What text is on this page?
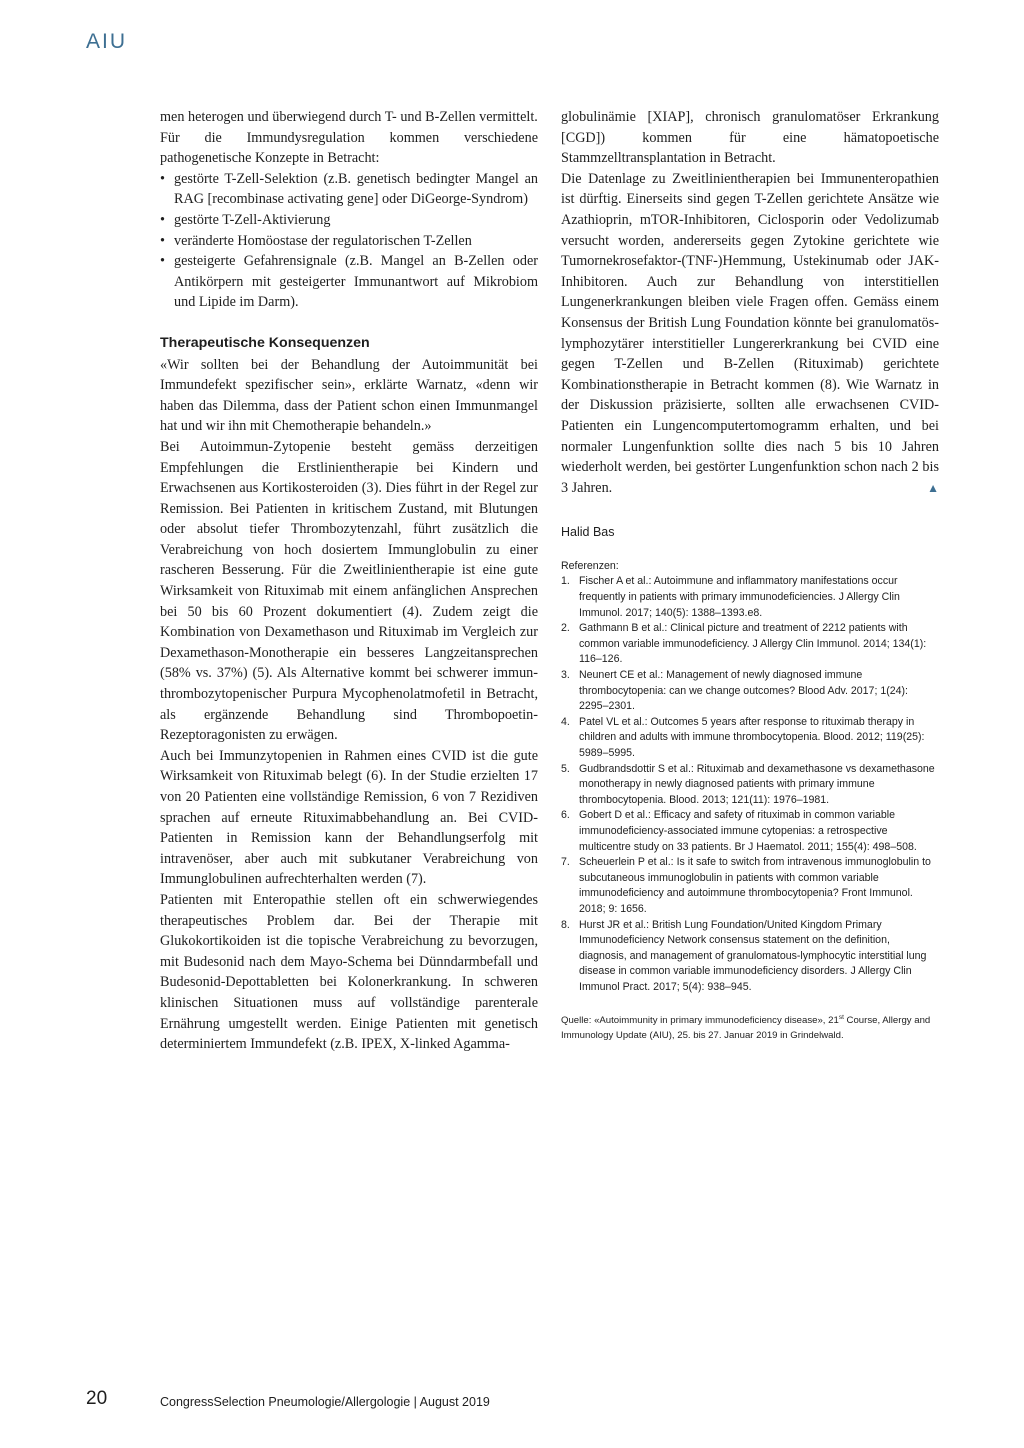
AIU

men heterogen und überwiegend durch T- und B-Zellen vermittelt.

Für die Immundysregulation kommen verschiedene pathogenetische Konzepte in Betracht:

• gestörte T-Zell-Selektion (z.B. genetisch bedingter Mangel an RAG [recombinase activating gene] oder DiGeorge-Syndrom)
• gestörte T-Zell-Aktivierung
• veränderte Homöostase der regulatorischen T-Zellen
• gesteigerte Gefahrensignale (z.B. Mangel an B-Zellen oder Antikörpern mit gesteigerter Immunantwort auf Mikrobiom und Lipide im Darm).
Therapeutische Konsequenzen

«Wir sollten bei der Behandlung der Autoimmunität bei Immundefekt spezifischer sein», erklärte Warnatz, «denn wir haben das Dilemma, dass der Patient schon einen Immunmangel hat und wir ihn mit Chemotherapie behandeln.»

Bei Autoimmun-Zytopenie besteht gemäss derzeitigen Empfehlungen die Erstlinientherapie bei Kindern und Erwachsenen aus Kortikosteroiden (3). Dies führt in der Regel zur Remission. Bei Patienten in kritischem Zustand, mit Blutungen oder absolut tiefer Thrombozytenzahl, führt zusätzlich die Verabreichung von hoch dosiertem Immunglobulin zu einer rascheren Besserung. Für die Zweitlinientherapie ist eine gute Wirksamkeit von Rituximab mit einem anfänglichen Ansprechen bei 50 bis 60 Prozent dokumentiert (4). Zudem zeigt die Kombination von Dexamethason und Rituximab im Vergleich zur Dexamethason-Monotherapie ein besseres Langzeitansprechen (58% vs. 37%) (5). Als Alternative kommt bei schwerer immun-thrombozytopenischer Purpura Mycophenolatmofetil in Betracht, als ergänzende Behandlung sind Thrombopoetin-Rezeptoragonisten zu erwägen.

Auch bei Immunzytopenien in Rahmen eines CVID ist die gute Wirksamkeit von Rituximab belegt (6). In der Studie erzielten 17 von 20 Patienten eine vollständige Remission, 6 von 7 Rezidiven sprachen auf erneute Rituximabbehandlung an. Bei CVID-Patienten in Remission kann der Behandlungserfolg mit intravenöser, aber auch mit subkutaner Verabreichung von Immunglobulinen aufrechterhalten werden (7).

Patienten mit Enteropathie stellen oft ein schwerwiegendes therapeutisches Problem dar. Bei der Therapie mit Glukokortikoiden ist die topische Verabreichung zu bevorzugen, mit Budesonid nach dem Mayo-Schema bei Dünndarmbefall und Budesonid-Depottabletten bei Kolonerkrankung. In schweren klinischen Situationen muss auf vollständige parenterale Ernährung umgestellt werden. Einige Patienten mit genetisch determiniertem Immundefekt (z.B. IPEX, X-linked Agamma-

globulinämie [XIAP], chronisch granulomatöser Erkrankung [CGD]) kommen für eine hämatopoetische Stammzelltransplantation in Betracht.

Die Datenlage zu Zweitlinientherapien bei Immunenteropathien ist dürftig. Einerseits sind gegen T-Zellen gerichtete Ansätze wie Azathioprin, mTOR-Inhibitoren, Ciclosporin oder Vedolizumab versucht worden, andererseits gegen Zytokine gerichtete wie Tumornekrosefaktor-(TNF-)Hemmung, Ustekinumab oder JAK-Inhibitoren. Auch zur Behandlung von interstitiellen Lungenerkrankungen bleiben viele Fragen offen. Gemäss einem Konsensus der British Lung Foundation könnte bei granulomatös-lymphozytärer interstitieller Lungererkrankung bei CVID eine gegen T-Zellen und B-Zellen (Rituximab) gerichtete Kombinationstherapie in Betracht kommen (8). Wie Warnatz in der Diskussion präzisierte, sollten alle erwachsenen CVID-Patienten ein Lungencomputertomogramm erhalten, und bei normaler Lungenfunktion sollte dies nach 5 bis 10 Jahren wiederholt werden, bei gestörter Lungenfunktion schon nach 2 bis 3 Jahren.	▲

Halid Bas
Referenzen:
1. Fischer A et al.: Autoimmune and inflammatory manifestations occur frequently in patients with primary immunodeficiencies. J Allergy Clin Immunol. 2017; 140(5): 1388–1393.e8.
2. Gathmann B et al.: Clinical picture and treatment of 2212 patients with common variable immunodeficiency. J Allergy Clin Immunol. 2014; 134(1): 116–126.
3. Neunert CE et al.: Management of newly diagnosed immune thrombocytopenia: can we change outcomes? Blood Adv. 2017; 1(24): 2295–2301.
4. Patel VL et al.: Outcomes 5 years after response to rituximab therapy in children and adults with immune thrombocytopenia. Blood. 2012; 119(25): 5989–5995.
5. Gudbrandsdottir S et al.: Rituximab and dexamethasone vs dexamethasone monotherapy in newly diagnosed patients with primary immune thrombocytopenia. Blood. 2013; 121(11): 1976–1981.
6. Gobert D et al.: Efficacy and safety of rituximab in common variable immunodeficiency-associated immune cytopenias: a retrospective multicentre study on 33 patients. Br J Haematol. 2011; 155(4): 498–508.
7. Scheuerlein P et al.: Is it safe to switch from intravenous immunoglobulin to subcutaneous immunoglobulin in patients with common variable immunodeficiency and autoimmune thrombocytopenia? Front Immunol. 2018; 9: 1656.
8. Hurst JR et al.: British Lung Foundation/United Kingdom Primary Immunodeficiency Network consensus statement on the definition, diagnosis, and management of granulomatous-lymphocytic interstitial lung disease in common variable immunodeficiency disorders. J Allergy Clin Immunol Pract. 2017; 5(4): 938–945.
Quelle: «Autoimmunity in primary immunodeficiency disease», 21st Course, Allergy and Immunology Update (AIU), 25. bis 27. Januar 2019 in Grindelwald.
20	CongressSelection Pneumologie/Allergologie | August 2019
